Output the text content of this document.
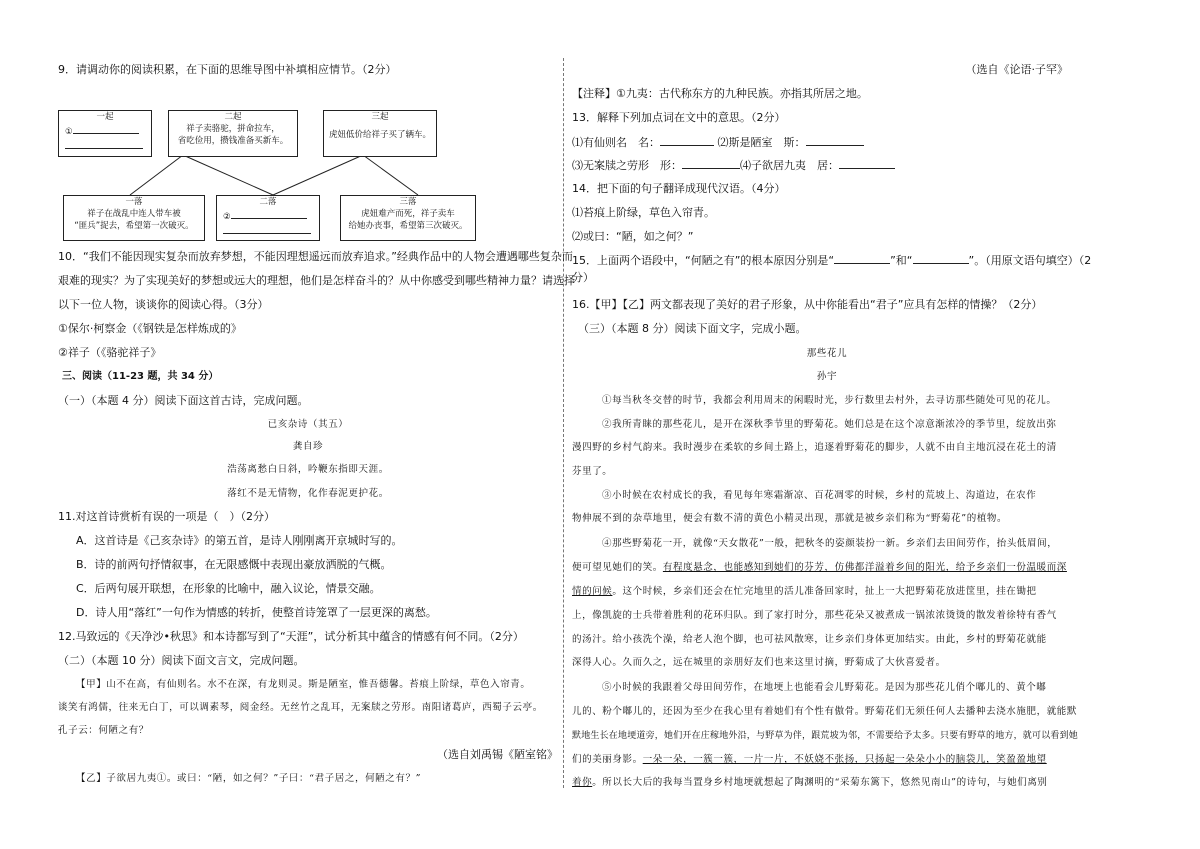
9．请调动你的阅读积累，在下面的思维导图中补填相应情节。（2分）
一起
①
二起
祥子卖骆驼，拼命拉车，
省吃俭用，攒钱准备买新车。
三起
虎妞低价给祥子买了辆车。
一落
祥子在战乱中连人带车被
“匪兵”捉去，希望第一次破灭。
二落
②
三落
虎妞难产而死，祥子卖车
给她办丧事，希望第三次破灭。
10．“我们不能因现实复杂而放弃梦想，不能因理想遥远而放弃追求。”经典作品中的人物会遭遇哪些复杂而
艰难的现实？为了实现美好的梦想或远大的理想，他们是怎样奋斗的？从中你感受到哪些精神力量？请选择
以下一位人物，谈谈你的阅读心得。（3分）
①保尔·柯察金（《钢铁是怎样炼成的》
②祥子（《骆驼祥子》
三、阅读（11-23 题，共 34 分）
（一）（本题 4 分）阅读下面这首古诗，完成问题。
已亥杂诗（其五）
龚自珍
浩荡离愁白日斜，吟鞭东指即天涯。
落红不是无情物，化作春泥更护花。
11.对这首诗赏析有误的一项是（　）（2分）
A．这首诗是《己亥杂诗》的第五首，是诗人刚刚离开京城时写的。
B．诗的前两句抒情叙事，在无限感慨中表现出豪放洒脱的气概。
C．后两句展开联想，在形象的比喻中，融入议论，情景交融。
D．诗人用“落红”一句作为情感的转折，使整首诗笼罩了一层更深的离愁。
12.马致远的《天净沙•秋思》和本诗都写到了“天涯”，试分析其中蕴含的情感有何不同。（2分）
（二）（本题 10 分）阅读下面文言文，完成问题。
【甲】山不在高，有仙则名。水不在深，有龙则灵。斯是陋室，惟吾德馨。苔痕上阶绿，草色入帘青。
谈笑有鸿儒，往来无白丁，可以调素琴，阅金经。无丝竹之乱耳，无案牍之劳形。南阳诸葛庐，西蜀子云亭。
孔子云：何陋之有？
（选自刘禹锡《陋室铭》
【乙】子欲居九夷①。或曰：“陋，如之何？”子曰：“君子居之，何陋之有？”
（选自《论语·子罕》
【注释】①九夷：古代称东方的九种民族。亦指其所居之地。
13．解释下列加点词在文中的意思。（2分）
⑴有仙则名　名：	⑵斯是陋室　斯：
⑶无案牍之劳形　形：	⑷子欲居九夷　居：
14．把下面的句子翻译成现代汉语。（4分）
⑴苔痕上阶绿，草色入帘青。
⑵或曰：“陋，如之何？”
15．上面两个语段中，“何陋之有”的根本原因分别是“	”和“	”。（用原文语句填空）（2
分）
16.【甲】【乙】两文都表现了美好的君子形象，从中你能看出“君子”应具有怎样的情操？（2分）
（三）（本题 8 分）阅读下面文字，完成小题。
那些花儿
孙宇
①每当秋冬交替的时节，我都会利用周末的闲暇时光，步行数里去村外，去寻访那些随处可见的花儿。
②我所青睐的那些花儿，是开在深秋季节里的野菊花。她们总是在这个凉意渐浓冷的季节里，绽放出弥
漫四野的乡村气韵来。我时漫步在柔软的乡间土路上，追逐着野菊花的脚步，人就不由自主地沉浸在花土的清
芬里了。
③小时候在农村成长的我，看见每年寒霜渐凉、百花凋零的时候，乡村的荒坡上、沟道边，在农作
物伸展不到的杂草地里，便会有数不清的黄色小精灵出现，那就是被乡亲们称为“野菊花”的植物。
④那些野菊花一开，就像“天女散花”一般，把秋冬的姿颜装扮一新。乡亲们去田间劳作，抬头低眉间，
便可望见她们的笑。有程度悬念，也能感知到她们的芬芳，仿佛都洋溢着乡间的阳光，给予乡亲们一份温暖而深
情的问候。这个时候，乡亲们还会在忙完地里的活儿准备回家时，扯上一大把野菊花放进筐里，挂在锄把
上，像凯旋的士兵带着胜利的花环归队。到了家打时分，那些花朵又被煮成一锅浓浓烫烫的散发着徐特有香气
的汤汁。给小孩洗个澡，给老人泡个脚，也可祛风散寒，让乡亲们身体更加结实。由此，乡村的野菊花就能
深得人心。久而久之，远在城里的亲朋好友们也来这里讨摘，野菊成了大伙喜爱者。
⑤小时候的我跟着父母田间劳作，在地埂上也能看会儿野菊花。是因为那些花儿俏个嘟儿的、黄个嘟
儿的、粉个嘟儿的，还因为至少在我心里有着她们有个性有傲骨。野菊花们无须任何人去播种去浇水施肥，就能默
默地生长在地埂道旁，她们开在庄稼地外沿，与野草为伴，跟荒坡为邻，不需要给予太多。只要有野草的地方，就可以看到她
们的美丽身影。一朵一朵，一簇一簇，一片一片，不妖娆不张扬，只扬起一朵朵小小的脑袋儿，笑盈盈地望
着你。所以长大后的我每当置身乡村地埂就想起了陶渊明的“采菊东篱下，悠然见南山”的诗句，与她们离别
